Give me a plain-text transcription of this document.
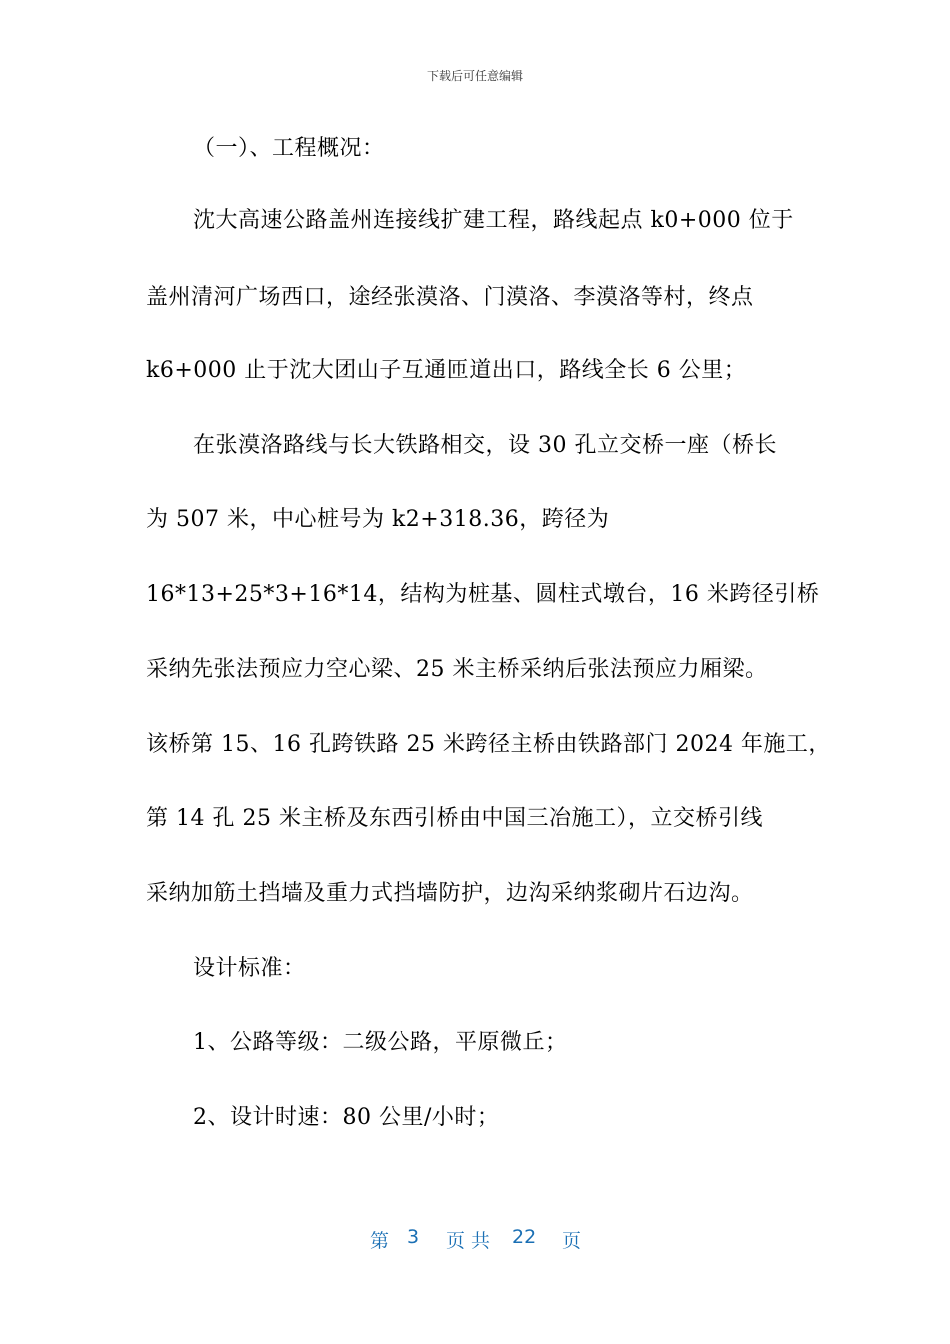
下载后可任意编辑
（一）、工程概况：
沈大高速公路盖州连接线扩建工程，路线起点 k0+000 位于
盖州清河广场西口，途经张漠洛、门漠洛、李漠洛等村，终点
k6+000 止于沈大团山子互通匝道出口，路线全长 6 公里；
在张漠洛路线与长大铁路相交，设 30 孔立交桥一座（桥长
为 507 米，中心桩号为 k2+318.36，跨径为
16*13+25*3+16*14，结构为桩基、圆柱式墩台，16 米跨径引桥
采纳先张法预应力空心梁、25 米主桥采纳后张法预应力厢梁。
该桥第 15、16 孔跨铁路 25 米跨径主桥由铁路部门 2024 年施工，
第 14 孔 25 米主桥及东西引桥由中国三冶施工），立交桥引线
采纳加筋土挡墙及重力式挡墙防护，边沟采纳浆砌片石边沟。
设计标准：
1、公路等级：二级公路，平原微丘；
2、设计时速：80 公里/小时；
第 3 页 共 22 页
